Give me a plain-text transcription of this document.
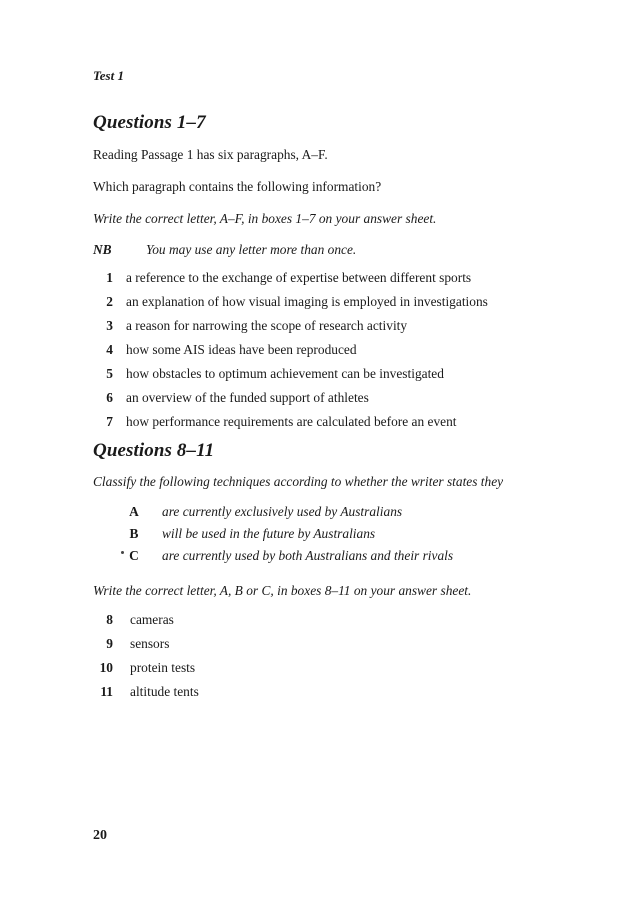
Test 1
Questions 1–7
Reading Passage 1 has six paragraphs, A–F.
Which paragraph contains the following information?
Write the correct letter, A–F, in boxes 1–7 on your answer sheet.
NB	You may use any letter more than once.
1 a reference to the exchange of expertise between different sports
2 an explanation of how visual imaging is employed in investigations
3 a reason for narrowing the scope of research activity
4 how some AIS ideas have been reproduced
5 how obstacles to optimum achievement can be investigated
6 an overview of the funded support of athletes
7 how performance requirements are calculated before an event
Questions 8–11
Classify the following techniques according to whether the writer states they
A are currently exclusively used by Australians
B will be used in the future by Australians
C are currently used by both Australians and their rivals
Write the correct letter, A, B or C, in boxes 8–11 on your answer sheet.
8 cameras
9 sensors
10 protein tests
11 altitude tents
20
